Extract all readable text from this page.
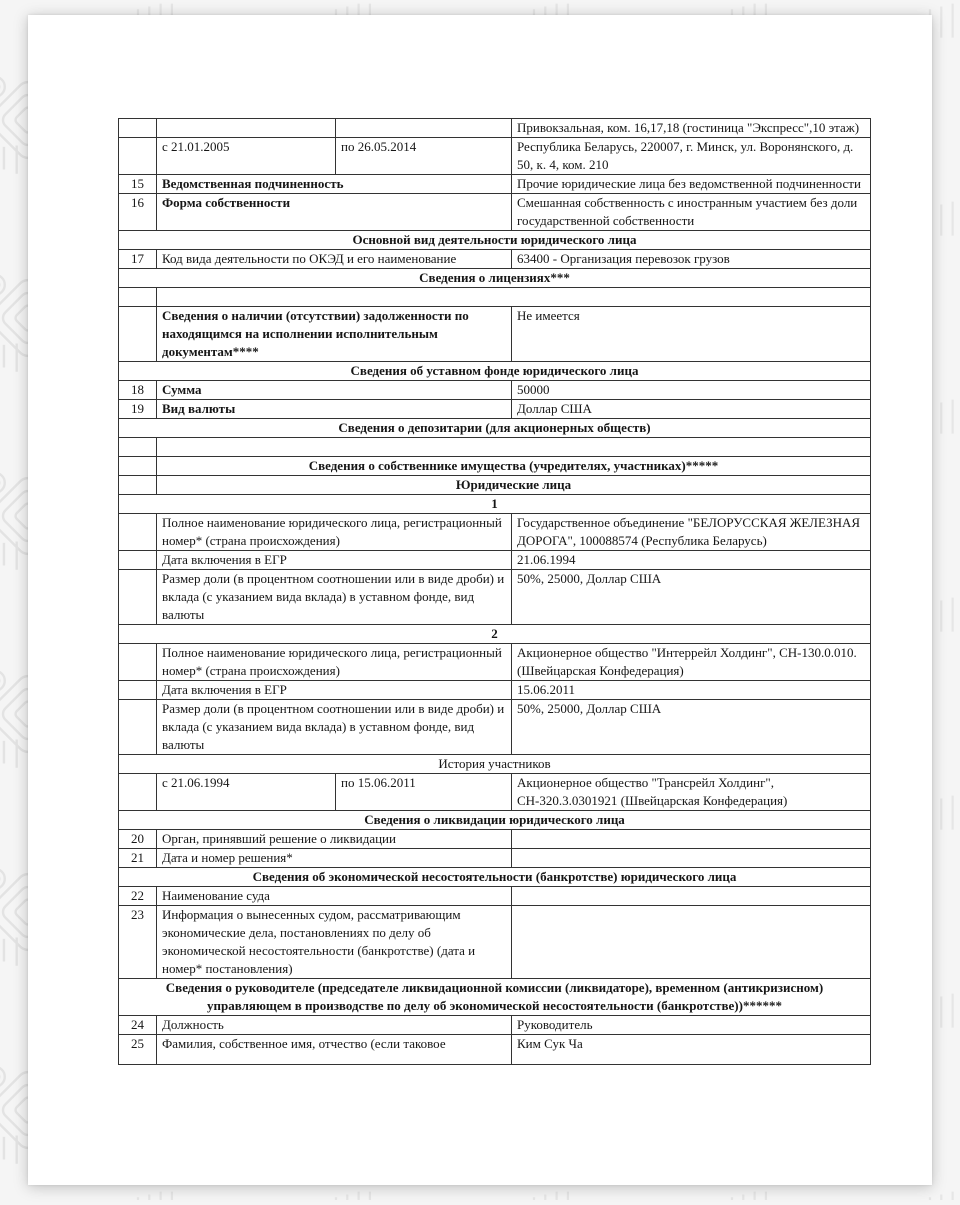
			Привокзальная, ком. 16,17,18 (гостиница "Экспресс",10 этаж)
	с 21.01.2005	по 26.05.2014	Республика Беларусь, 220007, г. Минск, ул. Воронянского, д. 50, к. 4, ком. 210
15	Ведомственная подчиненность		Прочие юридические лица без ведомственной подчиненности
16	Форма собственности		Смешанная собственность с иностранным участием без доли государственной собственности
Основной вид деятельности юридического лица			
17	Код вида деятельности по ОКЭД и его наименование		63400 - Организация перевозок грузов
Сведения о лицензиях***			

	Сведения о наличии (отсутствии) задолженности по находящимся на исполнении исполнительным документам****		Не имеется
Сведения об уставном фонде юридического лица			
18	Сумма		50000
19	Вид валюты		Доллар США
Сведения о депозитарии (для акционерных обществ)			

	Сведения о собственнике имущества (учредителях, участниках)*****		
	Юридические лица		
1			
	Полное наименование юридического лица, регистрационный номер* (страна происхождения)		Государственное объединение "БЕЛОРУССКАЯ ЖЕЛЕЗНАЯ ДОРОГА", 100088574 (Республика Беларусь)
	Дата включения в ЕГР		21.06.1994
	Размер доли (в процентном соотношении или в виде дроби) и вклада (с указанием вида вклада) в уставном фонде, вид валюты		50%, 25000, Доллар США
2			
	Полное наименование юридического лица, регистрационный номер* (страна происхождения)		Акционерное общество "Интеррейл Холдинг", СН-130.0.010. (Швейцарская Конфедерация)
	Дата включения в ЕГР		15.06.2011
	Размер доли (в процентном соотношении или в виде дроби) и вклада (с указанием вида вклада) в уставном фонде, вид валюты		50%, 25000, Доллар США
История участников			
	с 21.06.1994	по 15.06.2011	Акционерное общество "Трансрейл Холдинг", СН-320.3.0301921 (Швейцарская Конфедерация)
Сведения о ликвидации юридического лица			
20	Орган, принявший решение о ликвидации		
21	Дата и номер решения*		
Сведения об экономической несостоятельности (банкротстве) юридического лица			
22	Наименование суда		
23	Информация о вынесенных судом, рассматривающим экономические дела, постановлениях по делу об экономической несостоятельности (банкротстве) (дата и номер* постановления)		
Сведения о руководителе (председателе ликвидационной комиссии (ликвидаторе), временном (антикризисном) управляющем в производстве по делу об экономической несостоятельности (банкротстве))******			
24	Должность		Руководитель
25	Фамилия, собственное имя, отчество (если таковое		Ким Сук Ча
